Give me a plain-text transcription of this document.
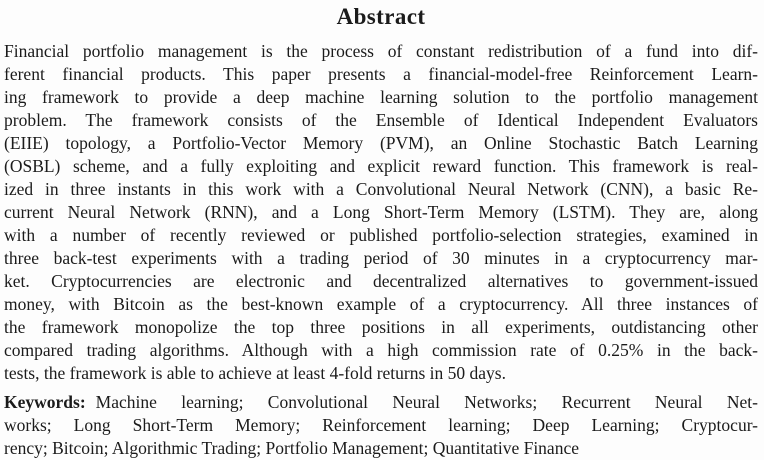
Abstract
Financial portfolio management is the process of constant redistribution of a fund into dif-
ferent financial products. This paper presents a financial-model-free Reinforcement Learn-
ing framework to provide a deep machine learning solution to the portfolio management
problem. The framework consists of the Ensemble of Identical Independent Evaluators
(EIIE) topology, a Portfolio-Vector Memory (PVM), an Online Stochastic Batch Learning
(OSBL) scheme, and a fully exploiting and explicit reward function. This framework is real-
ized in three instants in this work with a Convolutional Neural Network (CNN), a basic Re-
current Neural Network (RNN), and a Long Short-Term Memory (LSTM). They are, along
with a number of recently reviewed or published portfolio-selection strategies, examined in
three back-test experiments with a trading period of 30 minutes in a cryptocurrency mar-
ket. Cryptocurrencies are electronic and decentralized alternatives to government-issued
money, with Bitcoin as the best-known example of a cryptocurrency. All three instances of
the framework monopolize the top three positions in all experiments, outdistancing other
compared trading algorithms. Although with a high commission rate of 0.25% in the back-
tests, the framework is able to achieve at least 4-fold returns in 50 days.
Keywords: Machine learning; Convolutional Neural Networks; Recurrent Neural Net-
works; Long Short-Term Memory; Reinforcement learning; Deep Learning; Cryptocur-
rency; Bitcoin; Algorithmic Trading; Portfolio Management; Quantitative Finance
